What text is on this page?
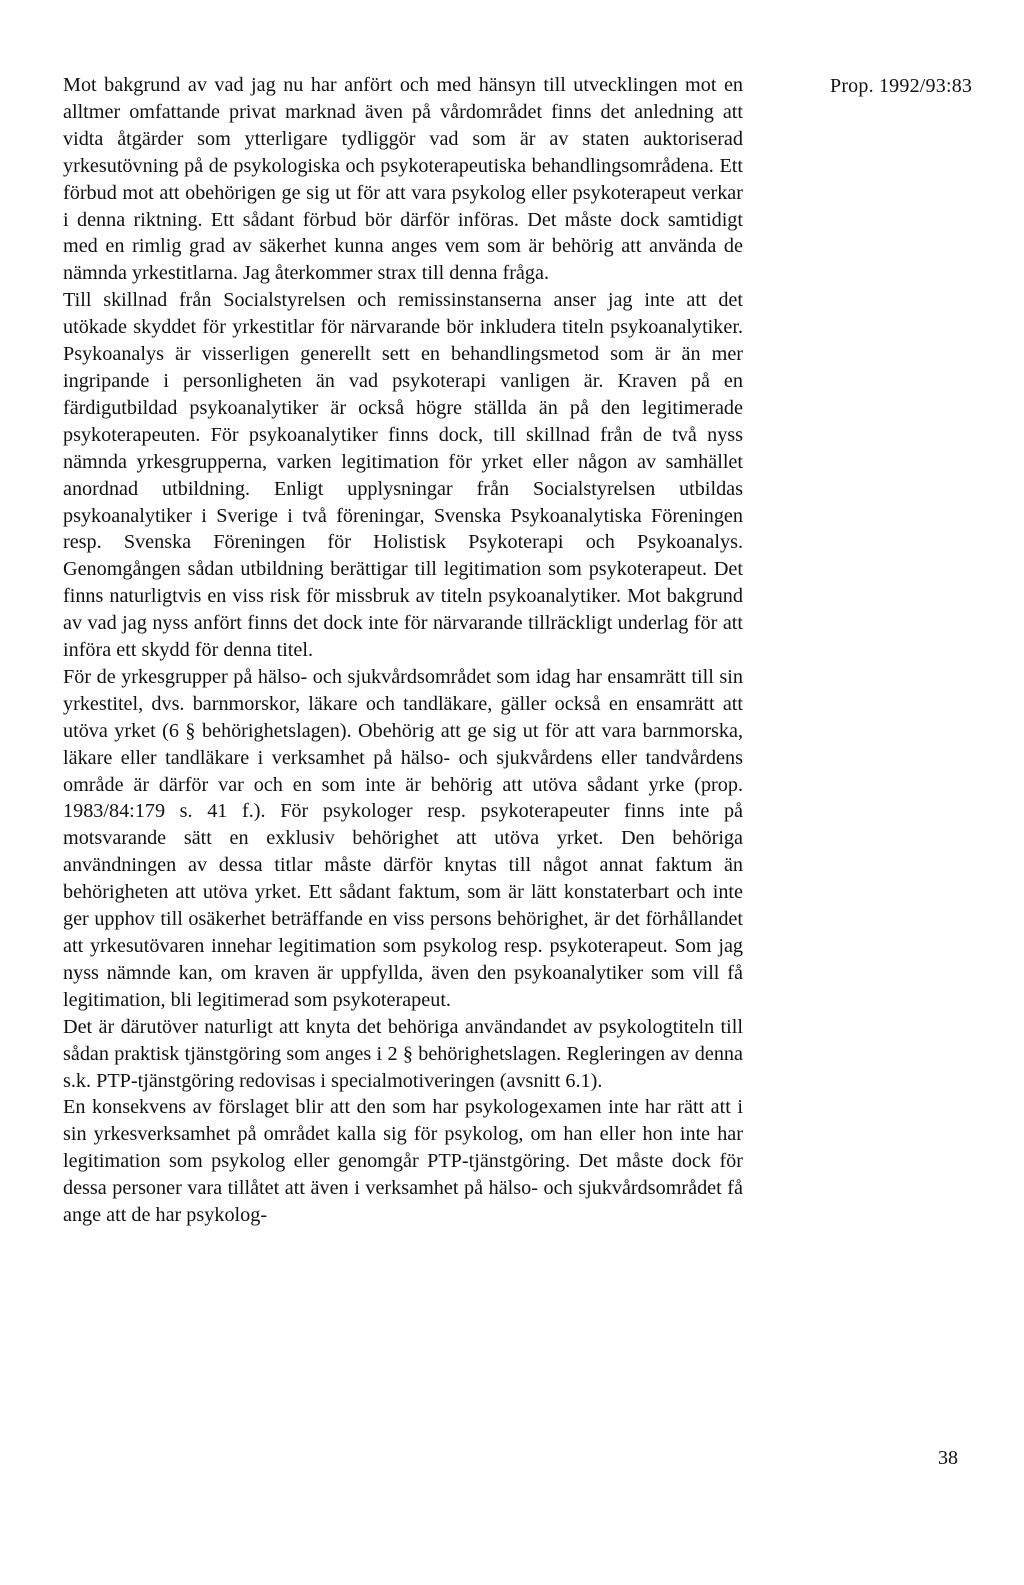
Prop. 1992/93:83

Mot bakgrund av vad jag nu har anfört och med hänsyn till utvecklingen mot en alltmer omfattande privat marknad även på vårdområdet finns det anledning att vidta åtgärder som ytterligare tydliggör vad som är av staten auktoriserad yrkesutövning på de psykologiska och psykoterapeutiska behandlingsområdena. Ett förbud mot att obehörigen ge sig ut för att vara psykolog eller psykoterapeut verkar i denna riktning. Ett sådant förbud bör därför införas. Det måste dock samtidigt med en rimlig grad av säkerhet kunna anges vem som är behörig att använda de nämnda yrkestitlarna. Jag återkommer strax till denna fråga.

Till skillnad från Socialstyrelsen och remissinstanserna anser jag inte att det utökade skyddet för yrkestitlar för närvarande bör inkludera titeln psykoanalytiker. Psykoanalys är visserligen generellt sett en behandlingsmetod som är än mer ingripande i personligheten än vad psykoterapi vanligen är. Kraven på en färdigutbildad psykoanalytiker är också högre ställda än på den legitimerade psykoterapeuten. För psykoanalytiker finns dock, till skillnad från de två nyss nämnda yrkesgrupperna, varken legitimation för yrket eller någon av samhället anordnad utbildning. Enligt upplysningar från Socialstyrelsen utbildas psykoanalytiker i Sverige i två föreningar, Svenska Psykoanalytiska Föreningen resp. Svenska Föreningen för Holistisk Psykoterapi och Psykoanalys. Genomgången sådan utbildning berättigar till legitimation som psykoterapeut. Det finns naturligtvis en viss risk för missbruk av titeln psykoanalytiker. Mot bakgrund av vad jag nyss anfört finns det dock inte för närvarande tillräckligt underlag för att införa ett skydd för denna titel.

För de yrkesgrupper på hälso- och sjukvårdsområdet som idag har ensamrätt till sin yrkestitel, dvs. barnmorskor, läkare och tandläkare, gäller också en ensamrätt att utöva yrket (6 § behörighetslagen). Obehörig att ge sig ut för att vara barnmorska, läkare eller tandläkare i verksamhet på hälso- och sjukvårdens eller tandvårdens område är därför var och en som inte är behörig att utöva sådant yrke (prop. 1983/84:179 s. 41 f.). För psykologer resp. psykoterapeuter finns inte på motsvarande sätt en exklusiv behörighet att utöva yrket. Den behöriga användningen av dessa titlar måste därför knytas till något annat faktum än behörigheten att utöva yrket. Ett sådant faktum, som är lätt konstaterbart och inte ger upphov till osäkerhet beträffande en viss persons behörighet, är det förhållandet att yrkesutövaren innehar legitimation som psykolog resp. psykoterapeut. Som jag nyss nämnde kan, om kraven är uppfyllda, även den psykoanalytiker som vill få legitimation, bli legitimerad som psykoterapeut.

Det är därutöver naturligt att knyta det behöriga användandet av psykologtiteln till sådan praktisk tjänstgöring som anges i 2 § behörighetslagen. Regleringen av denna s.k. PTP-tjänstgöring redovisas i specialmotiveringen (avsnitt 6.1).

En konsekvens av förslaget blir att den som har psykologexamen inte har rätt att i sin yrkesverksamhet på området kalla sig för psykolog, om han eller hon inte har legitimation som psykolog eller genomgår PTP-tjänstgöring. Det måste dock för dessa personer vara tillåtet att även i verksamhet på hälso- och sjukvårdsområdet få ange att de har psykolog-

38
